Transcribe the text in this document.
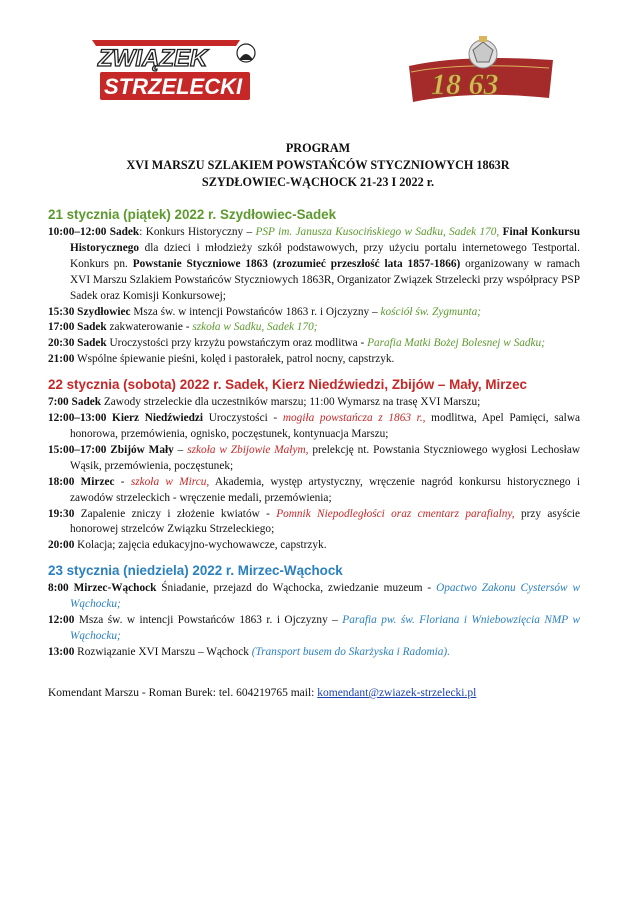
ZWIĄZEK
STRZELECKI	18 63
PROGRAM
XVI MARSZU SZLAKIEM POWSTAŃCÓW STYCZNIOWYCH 1863R
SZYDŁOWIEC-WĄCHOCK 21-23 I 2022 r.
21 stycznia (piątek) 2022 r. Szydłowiec-Sadek

10:00–12:00 Sadek: Konkurs Historyczny – PSP im. Janusza Kusocińskiego w Sadku, Sadek 170, Finał Konkursu Historycznego dla dzieci i młodzieży szkół podstawowych, przy użyciu portalu internetowego Testportal. Konkurs pn. Powstanie Styczniowe 1863 (zrozumieć przeszłość lata 1857-1866) organizowany w ramach XVI Marszu Szlakiem Powstańców Styczniowych 1863R, Organizator Związek Strzelecki przy współpracy PSP Sadek oraz Komisji Konkursowej;

15:30 Szydłowiec Msza św. w intencji Powstańców 1863 r. i Ojczyzny – kościół św. Zygmunta;

17:00 Sadek zakwaterowanie - szkoła w Sadku, Sadek 170;

20:30 Sadek Uroczystości przy krzyżu powstańczym oraz modlitwa - Parafia Matki Bożej Bolesnej w Sadku;

21:00 Wspólne śpiewanie pieśni, kolęd i pastorałek, patrol nocny, capstrzyk.

22 stycznia (sobota) 2022 r. Sadek, Kierz Niedźwiedzi, Zbijów – Mały, Mirzec

7:00 Sadek Zawody strzeleckie dla uczestników marszu; 11:00 Wymarsz na trasę XVI Marszu;

12:00–13:00 Kierz Niedźwiedzi Uroczystości - mogiła powstańcza z 1863 r., modlitwa, Apel Pamięci, salwa honorowa, przemówienia, ognisko, poczęstunek, kontynuacja Marszu;

15:00–17:00 Zbijów Mały – szkoła w Zbijowie Małym, prelekcję nt. Powstania Styczniowego wygłosi Lechosław Wąsik, przemówienia, poczęstunek;

18:00 Mirzec - szkoła w Mircu, Akademia, występ artystyczny, wręczenie nagród konkursu historycznego i zawodów strzeleckich - wręczenie medali, przemówienia;

19:30 Zapalenie zniczy i złożenie kwiatów - Pomnik Niepodległości oraz cmentarz parafialny, przy asyście honorowej strzelców Związku Strzeleckiego;

20:00 Kolacja; zajęcia edukacyjno-wychowawcze, capstrzyk.

23 stycznia (niedziela) 2022 r. Mirzec-Wąchock

8:00 Mirzec-Wąchock Śniadanie, przejazd do Wąchocka, zwiedzanie muzeum - Opactwo Zakonu Cystersów w Wąchocku;

12:00 Msza św. w intencji Powstańców 1863 r. i Ojczyzny – Parafia pw. św. Floriana i Wniebowzięcia NMP w Wąchocku;

13:00 Rozwiązanie XVI Marszu – Wąchock (Transport busem do Skarżyska i Radomia).

Komendant Marszu - Roman Burek: tel. 604219765 mail: komendant@zwiazek-strzelecki.pl
